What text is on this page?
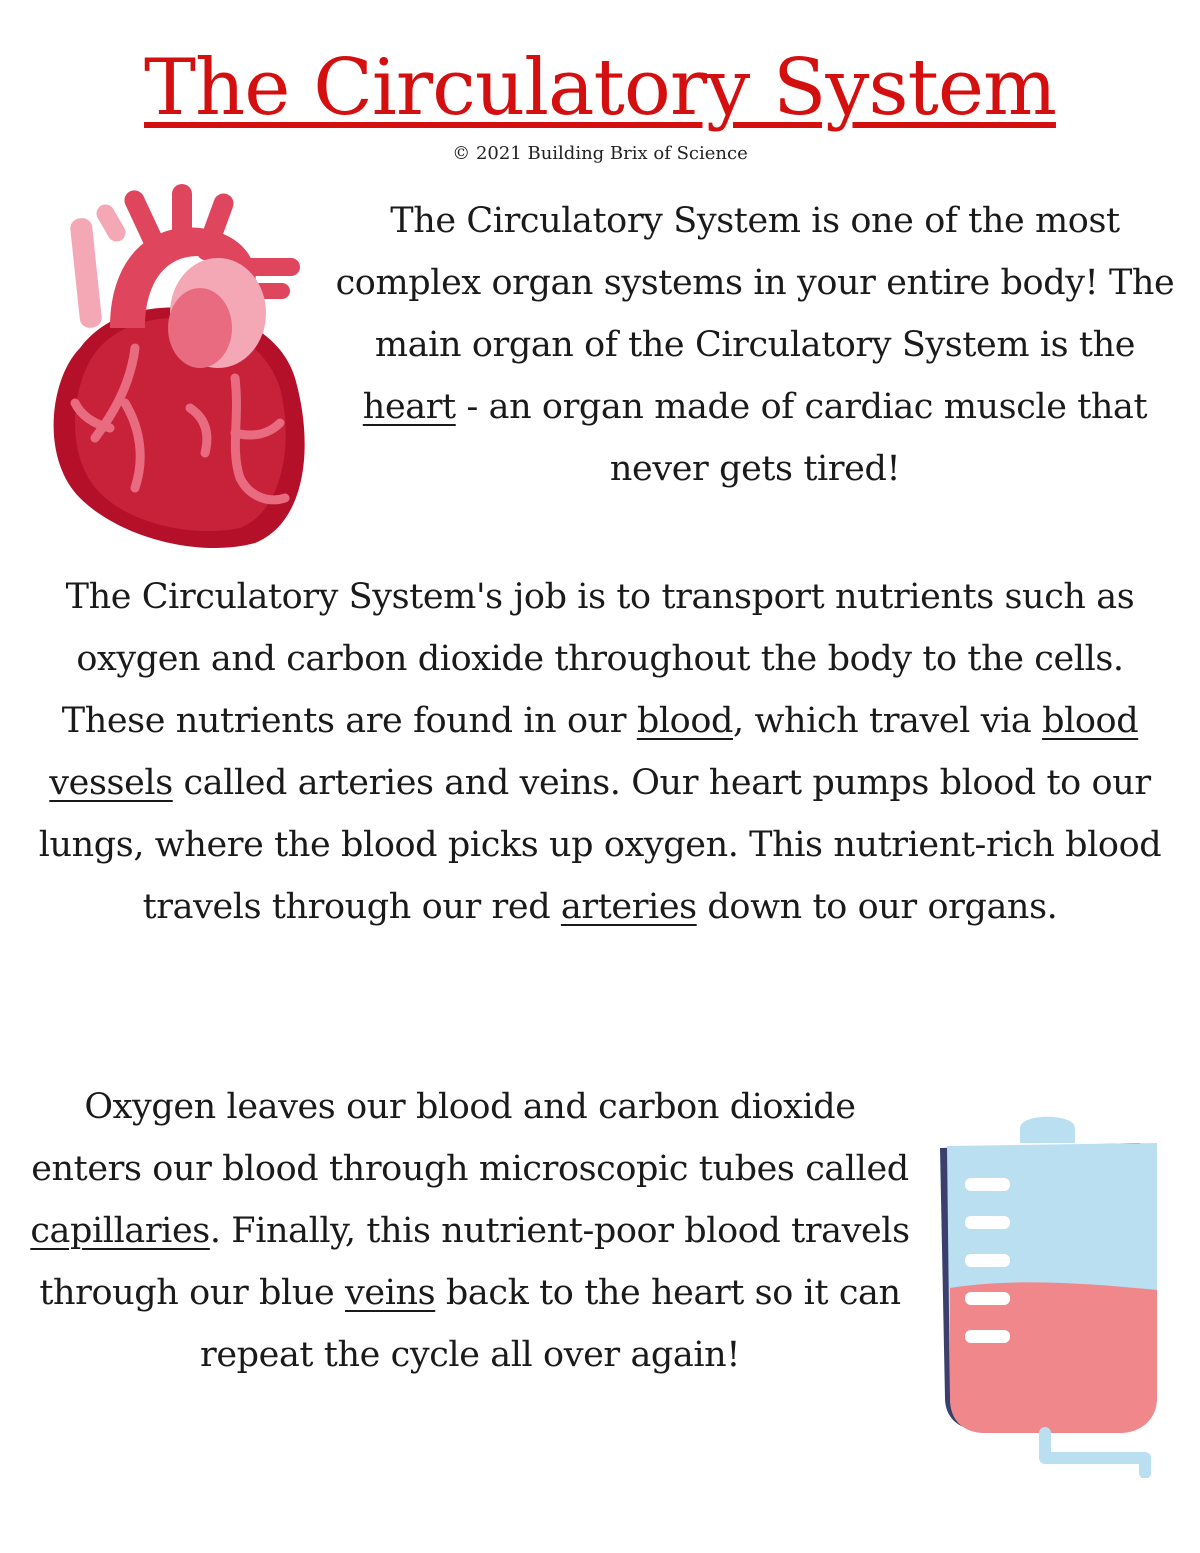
The Circulatory System
© 2021 Building Brix of Science
The Circulatory System is one of the most complex organ systems in your entire body! The main organ of the Circulatory System is the heart - an organ made of cardiac muscle that never gets tired!
The Circulatory System's job is to transport nutrients such as oxygen and carbon dioxide throughout the body to the cells. These nutrients are found in our blood, which travel via blood vessels called arteries and veins. Our heart pumps blood to our lungs, where the blood picks up oxygen. This nutrient-rich blood travels through our red arteries down to our organs.
Oxygen leaves our blood and carbon dioxide enters our blood through microscopic tubes called capillaries. Finally, this nutrient-poor blood travels through our blue veins back to the heart so it can repeat the cycle all over again!
